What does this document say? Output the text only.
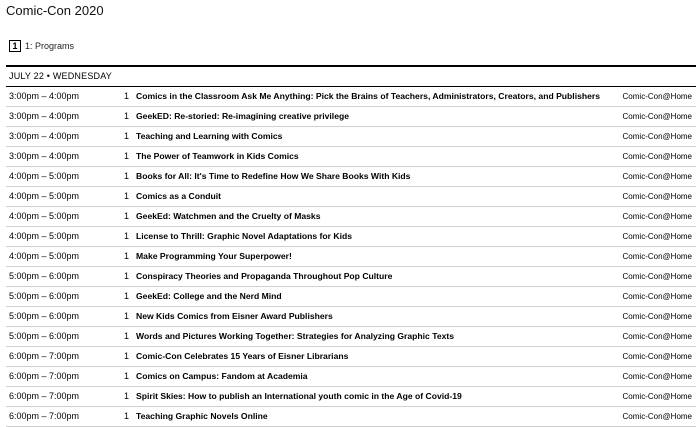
Comic-Con 2020
1 1: Programs
JULY 22 • WEDNESDAY
3:00pm – 4:00pm	1 Comics in the Classroom Ask Me Anything: Pick the Brains of Teachers, Administrators, Creators, and Publishers	Comic-Con@Home
3:00pm – 4:00pm	1 GeekED: Re-storied: Re-imagining creative privilege	Comic-Con@Home
3:00pm – 4:00pm	1 Teaching and Learning with Comics	Comic-Con@Home
3:00pm – 4:00pm	1 The Power of Teamwork in Kids Comics	Comic-Con@Home
4:00pm – 5:00pm	1 Books for All: It's Time to Redefine How We Share Books With Kids	Comic-Con@Home
4:00pm – 5:00pm	1 Comics as a Conduit	Comic-Con@Home
4:00pm – 5:00pm	1 GeekEd: Watchmen and the Cruelty of Masks	Comic-Con@Home
4:00pm – 5:00pm	1 License to Thrill: Graphic Novel Adaptations for Kids	Comic-Con@Home
4:00pm – 5:00pm	1 Make Programming Your Superpower!	Comic-Con@Home
5:00pm – 6:00pm	1 Conspiracy Theories and Propaganda Throughout Pop Culture	Comic-Con@Home
5:00pm – 6:00pm	1 GeekEd: College and the Nerd Mind	Comic-Con@Home
5:00pm – 6:00pm	1 New Kids Comics from Eisner Award Publishers	Comic-Con@Home
5:00pm – 6:00pm	1 Words and Pictures Working Together: Strategies for Analyzing Graphic Texts	Comic-Con@Home
6:00pm – 7:00pm	1 Comic-Con Celebrates 15 Years of Eisner Librarians	Comic-Con@Home
6:00pm – 7:00pm	1 Comics on Campus: Fandom at Academia	Comic-Con@Home
6:00pm – 7:00pm	1 Spirit Skies: How to publish an International youth comic in the Age of Covid-19	Comic-Con@Home
6:00pm – 7:00pm	1 Teaching Graphic Novels Online	Comic-Con@Home
